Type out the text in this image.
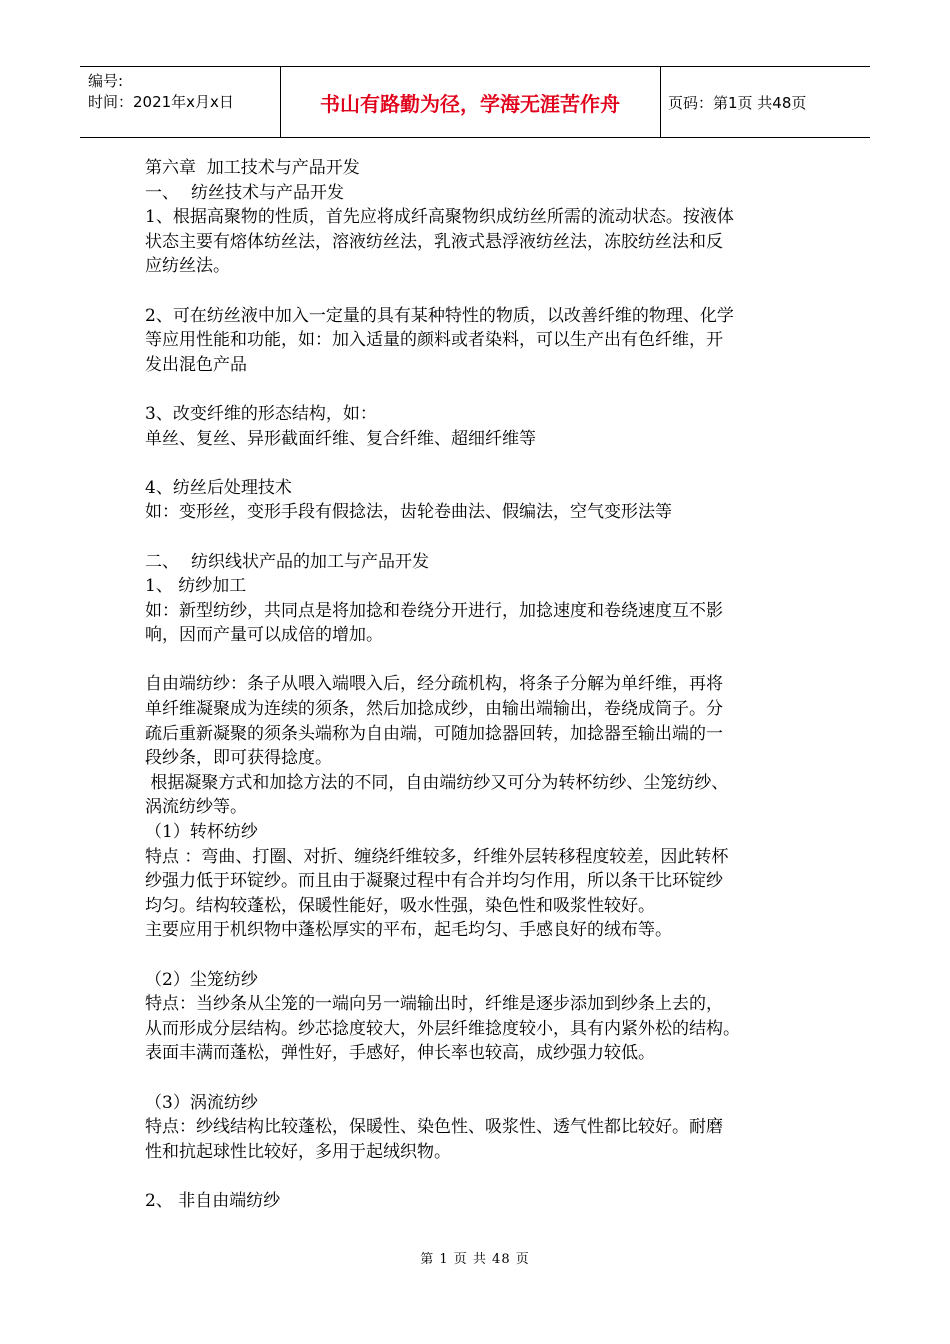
编号:
时间：2021年x月x日	书山有路勤为径，学海无涯苦作舟	页码：第1页 共48页

第六章  加工技术与产品开发

一、 纺丝技术与产品开发

1、根据高聚物的性质，首先应将成纤高聚物织成纺丝所需的流动状态。按液体

状态主要有熔体纺丝法，溶液纺丝法，乳液式悬浮液纺丝法，冻胶纺丝法和反

应纺丝法。

2、可在纺丝液中加入一定量的具有某种特性的物质，以改善纤维的物理、化学

等应用性能和功能，如：加入适量的颜料或者染料，可以生产出有色纤维，开

发出混色产品

3、改变纤维的形态结构，如：

单丝、复丝、异形截面纤维、复合纤维、超细纤维等

4、纺丝后处理技术

如：变形丝，变形手段有假捻法，齿轮卷曲法、假编法，空气变形法等

二、 纺织线状产品的加工与产品开发

1、 纺纱加工

如：新型纺纱，共同点是将加捻和卷绕分开进行，加捻速度和卷绕速度互不影

响，因而产量可以成倍的增加。

自由端纺纱：条子从喂入端喂入后，经分疏机构，将条子分解为单纤维，再将

单纤维凝聚成为连续的须条，然后加捻成纱，由输出端输出，卷绕成筒子。分

疏后重新凝聚的须条头端称为自由端，可随加捻器回转，加捻器至输出端的一

段纱条，即可获得捻度。

根据凝聚方式和加捻方法的不同，自由端纺纱又可分为转杯纺纱、尘笼纺纱、

涡流纺纱等。

（1）转杯纺纱

特点 ：弯曲、打圈、对折、缠绕纤维较多，纤维外层转移程度较差，因此转杯

纱强力低于环锭纱。而且由于凝聚过程中有合并均匀作用，所以条干比环锭纱

均匀。结构较蓬松，保暖性能好，吸水性强，染色性和吸浆性较好。

主要应用于机织物中蓬松厚实的平布，起毛均匀、手感良好的绒布等。

（2）尘笼纺纱

特点：当纱条从尘笼的一端向另一端输出时，纤维是逐步添加到纱条上去的，

从而形成分层结构。纱芯捻度较大，外层纤维捻度较小，具有内紧外松的结构。

表面丰满而蓬松，弹性好，手感好，伸长率也较高，成纱强力较低。

（3）涡流纺纱

特点：纱线结构比较蓬松，保暖性、染色性、吸浆性、透气性都比较好。耐磨

性和抗起球性比较好，多用于起绒织物。

2、 非自由端纺纱

第 1 页 共 48 页
